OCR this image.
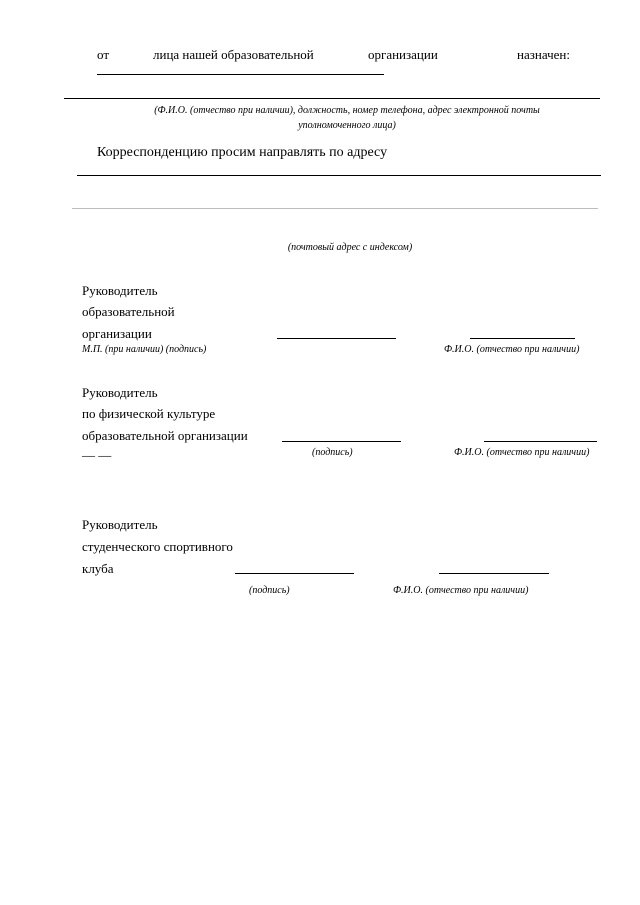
от	лица нашей образовательной	организации	назначен:
(Ф.И.О. (отчество при наличии), должность, номер телефона, адрес электронной почты
уполномоченного лица)
Корреспонденцию просим направлять по адресу
(почтовый адрес с индексом)
Руководитель
образовательной
организации
М.П. (при наличии) (подпись)	Ф.И.О. (отчество при наличии)
Руководитель
по физической культуре
образовательной организации
__ __	(подпись)	Ф.И.О. (отчество при наличии)
Руководитель
студенческого спортивного
клуба
(подпись)	Ф.И.О. (отчество при наличии)
